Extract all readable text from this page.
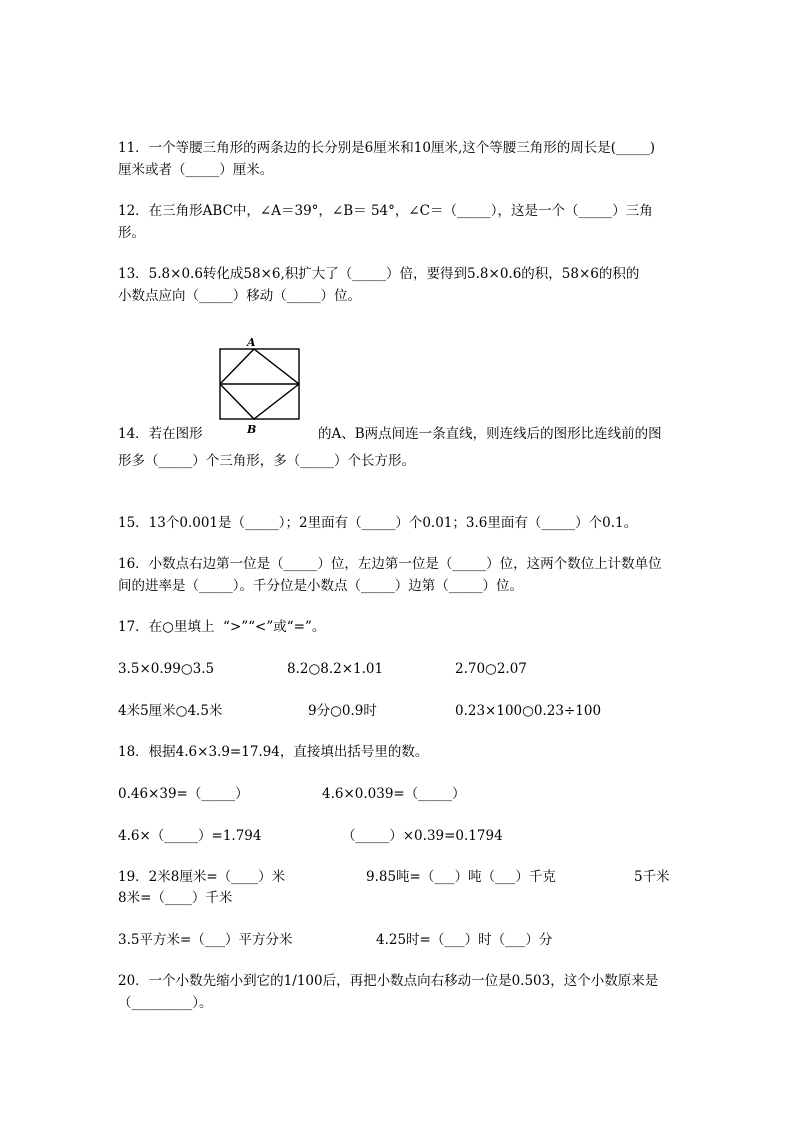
11．一个等腰三角形的两条边的长分别是6厘米和10厘米,这个等腰三角形的周长是(_____)
厘米或者（_____）厘米。
12．在三角形ABC中，∠A＝39°，∠B＝ 54°，∠C＝（_____），这是一个（_____）三角
形。
13．5.8×0.6转化成58×6,积扩大了（_____）倍，要得到5.8×0.6的积，58×6的积的
小数点应向（_____）移动（_____）位。
A
B
14．若在图形	的A、B两点间连一条直线，则连线后的图形比连线前的图
形多（_____）个三角形，多（_____）个长方形。
15．13个0.001是（_____）；2里面有（_____）个0.01；3.6里面有（_____）个0.1。
16．小数点右边第一位是（_____）位，左边第一位是（_____）位，这两个数位上计数单位
间的进率是（_____）。千分位是小数点（_____）边第（_____）位。
17．在○里填上  “>”“<”或“=”。
3.5×0.99○3.5	8.2○8.2×1.01	2.70○2.07
4米5厘米○4.5米	9分○0.9时	0.23×100○0.23÷100
18．根据4.6×3.9=17.94，直接填出括号里的数。
0.46×39=（_____）	4.6×0.039=（_____）
4.6×（_____）=1.794	（_____）×0.39=0.1794
19．2米8厘米=（____）米	9.85吨=（___）吨（___）千克	5千米
8米=（____）千米
3.5平方米=（___）平方分米	4.25时=（___）时（___）分
20．一个小数先缩小到它的1/100后，再把小数点向右移动一位是0.503，这个小数原来是
（_________）。
